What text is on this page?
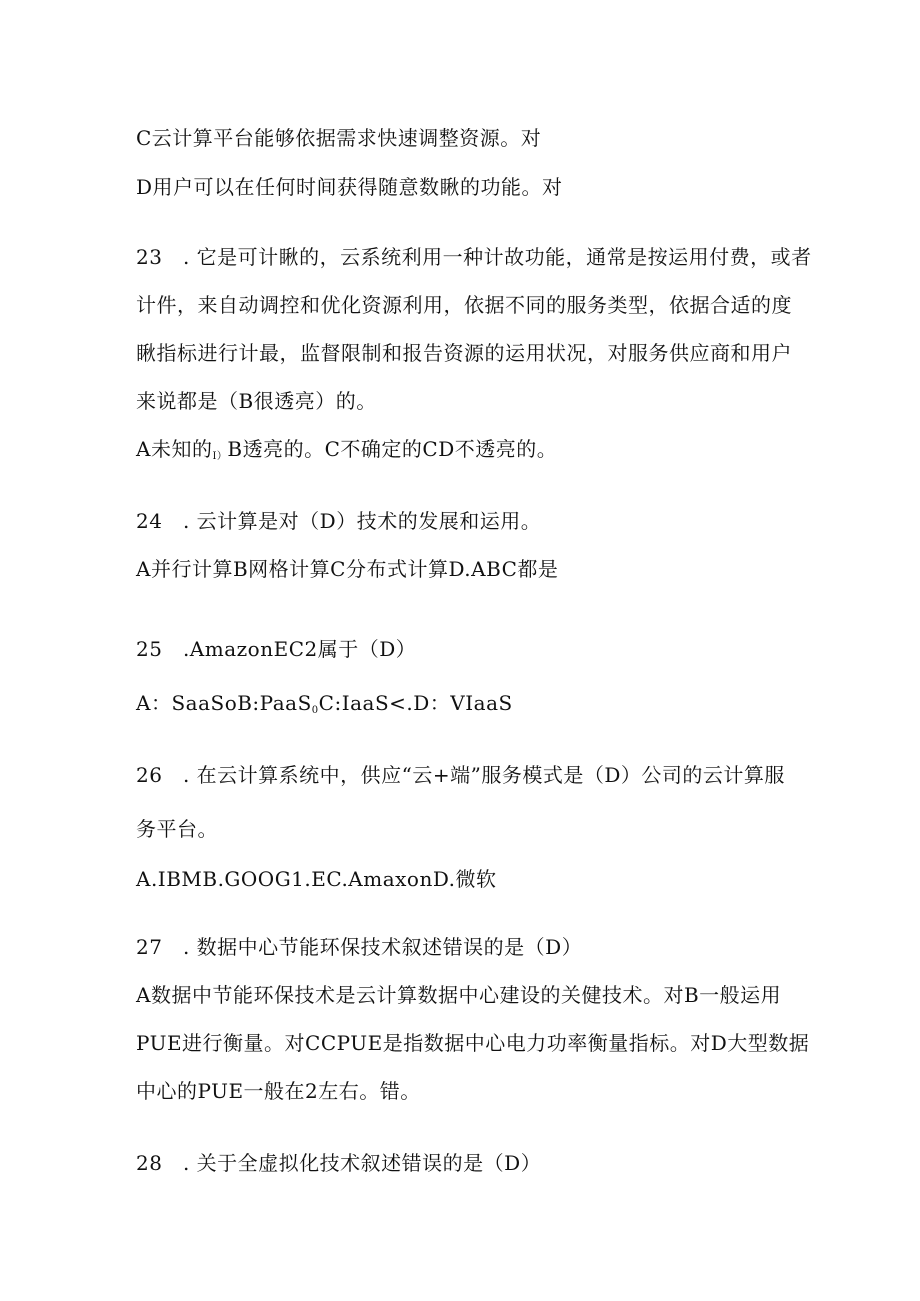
C云计算平台能够依据需求快速调整资源。对
D用户可以在任何时间获得随意数瞅的功能。对
23　. 它是可计瞅的，云系统利用一种计故功能，通常是按运用付费，或者
计件，来自动调控和优化资源利用，依据不同的服务类型，依据合适的度
瞅指标进行计最，监督限制和报告资源的运用状况，对服务供应商和用户
来说都是（B很透亮）的。
A未知的$_{I)}$B透亮的。C不确定的CD不透亮的。
24　. 云计算是对（D）技术的发展和运用。
A并行计算B网格计算C分布式计算D.ABC都是
25　.AmazonEC2属于（D）
A：SaaSoB:PaaS$_0$C:IaaS<.D：VIaaS
26　. 在云计算系统中，供应“云+端”服务模式是（D）公司的云计算服
务平台。
A.IBMB.GOOG1.EC.AmaxonD.微软
27　. 数据中心节能环保技术叙述错误的是（D）
A数据中节能环保技术是云计算数据中心建设的关健技术。对B一般运用
PUE进行衡量。对CCPUE是指数据中心电力功率衡量指标。对D大型数据
中心的PUE一般在2左右。错。
28　. 关于全虚拟化技术叙述错误的是（D）
